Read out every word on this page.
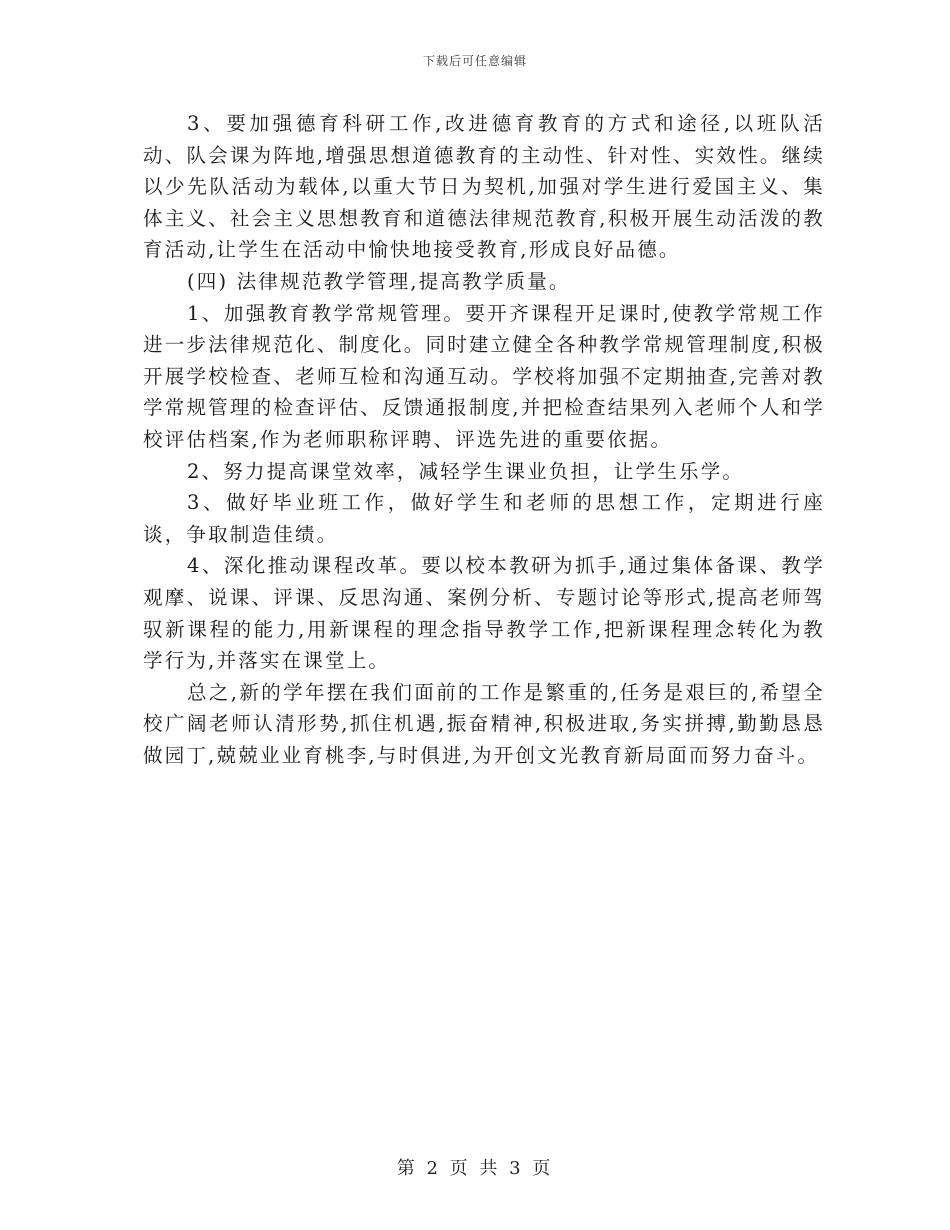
下载后可任意编辑

3、要加强德育科研工作,改进德育教育的方式和途径,以班队活动、队会课为阵地,增强思想道德教育的主动性、针对性、实效性。继续以少先队活动为载体,以重大节日为契机,加强对学生进行爱国主义、集体主义、社会主义思想教育和道德法律规范教育,积极开展生动活泼的教育活动,让学生在活动中愉快地接受教育,形成良好品德。

(四) 法律规范教学管理,提高教学质量。

1、加强教育教学常规管理。要开齐课程开足课时,使教学常规工作进一步法律规范化、制度化。同时建立健全各种教学常规管理制度,积极开展学校检查、老师互检和沟通互动。学校将加强不定期抽查,完善对教学常规管理的检查评估、反馈通报制度,并把检查结果列入老师个人和学校评估档案,作为老师职称评聘、评选先进的重要依据。

2、努力提高课堂效率，减轻学生课业负担，让学生乐学。

3、做好毕业班工作，做好学生和老师的思想工作，定期进行座谈，争取制造佳绩。

4、深化推动课程改革。要以校本教研为抓手,通过集体备课、教学观摩、说课、评课、反思沟通、案例分析、专题讨论等形式,提高老师驾驭新课程的能力,用新课程的理念指导教学工作,把新课程理念转化为教学行为,并落实在课堂上。

总之,新的学年摆在我们面前的工作是繁重的,任务是艰巨的,希望全校广阔老师认清形势,抓住机遇,振奋精神,积极进取,务实拼搏,勤勤恳恳做园丁,兢兢业业育桃李,与时俱进,为开创文光教育新局面而努力奋斗。

第 2 页 共 3 页
